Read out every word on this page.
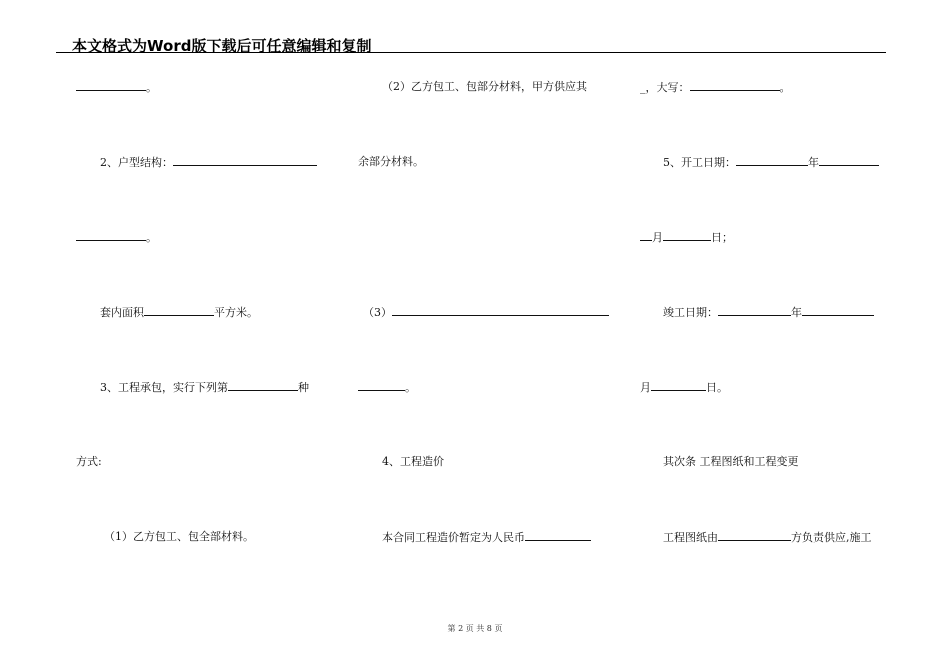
本文格式为Word版下载后可任意编辑和复制
。
2、户型结构：
。
套内面积	平方米。
3、工程承包，实行下列第	种
方式:
（1）乙方包工、包全部材料。
（2）乙方包工、包部分材料，甲方供应其
余部分材料。
（3）
。
4、工程造价
本合同工程造价暂定为人民币
_，大写：	。
5、开工日期：	年
月	日；
竣工日期：	年
月	日。
其次条 工程图纸和工程变更
工程图纸由	方负责供应,施工
第 2 页 共 8 页
